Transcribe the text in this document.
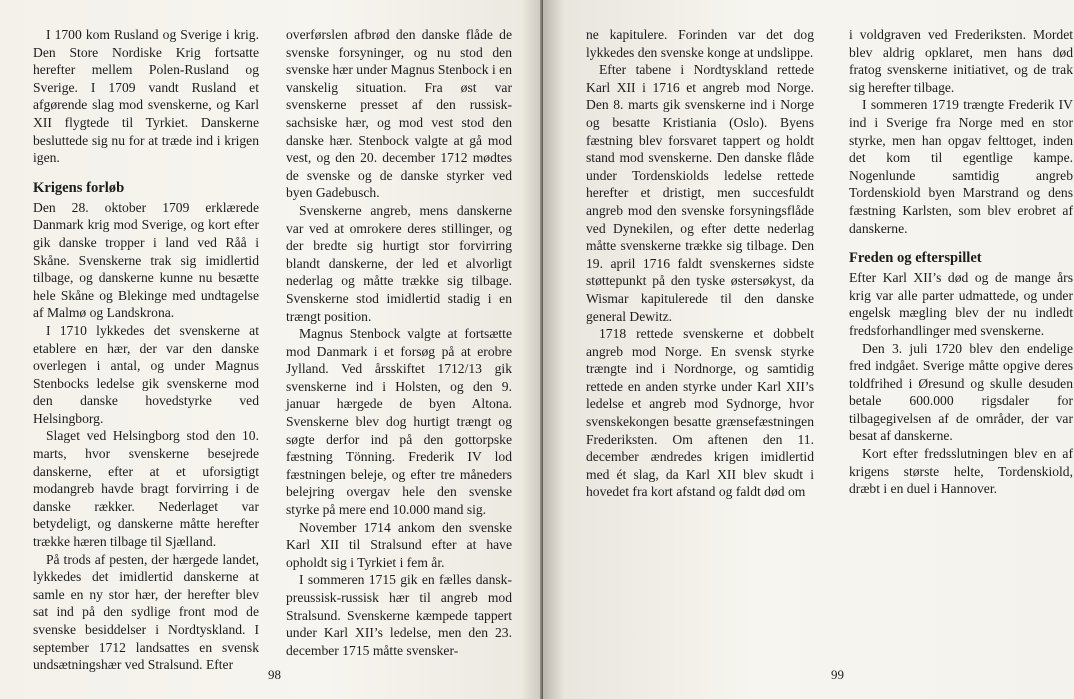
I 1700 kom Rusland og Sverige i krig. Den Store Nordiske Krig fortsatte herefter mellem Polen-Rusland og Sverige. I 1709 vandt Rusland et afgørende slag mod svenskerne, og Karl XII flygtede til Tyrkiet. Danskerne besluttede sig nu for at træde ind i krigen igen.

Krigens forløb

Den 28. oktober 1709 erklærede Danmark krig mod Sverige, og kort efter gik danske tropper i land ved Råå i Skåne. Svenskerne trak sig imidlertid tilbage, og danskerne kunne nu besætte hele Skåne og Blekinge med undtagelse af Malmø og Landskrona.

I 1710 lykkedes det svenskerne at etablere en hær, der var den danske overlegen i antal, og under Magnus Stenbocks ledelse gik svenskerne mod den danske hovedstyrke ved Helsingborg.

Slaget ved Helsingborg stod den 10. marts, hvor svenskerne besejrede danskerne, efter at et uforsigtigt modangreb havde bragt forvirring i de danske rækker. Nederlaget var betydeligt, og danskerne måtte herefter trække hæren tilbage til Sjælland.

På trods af pesten, der hærgede landet, lykkedes det imidlertid danskerne at samle en ny stor hær, der herefter blev sat ind på den sydlige front mod de svenske besiddelser i Nordtyskland. I september 1712 landsattes en svensk undsætningshær ved Stralsund. Efter

overførslen afbrød den danske flåde de svenske forsyninger, og nu stod den svenske hær under Magnus Stenbock i en vanskelig situation. Fra øst var svenskerne presset af den russisk-sachsiske hær, og mod vest stod den danske hær. Stenbock valgte at gå mod vest, og den 20. december 1712 mødtes de svenske og de danske styrker ved byen Gadebusch.

Svenskerne angreb, mens danskerne var ved at omrokere deres stillinger, og der bredte sig hurtigt stor forvirring blandt danskerne, der led et alvorligt nederlag og måtte trække sig tilbage. Svenskerne stod imidlertid stadig i en trængt position.

Magnus Stenbock valgte at fortsætte mod Danmark i et forsøg på at erobre Jylland. Ved årsskiftet 1712/13 gik svenskerne ind i Holsten, og den 9. januar hærgede de byen Altona. Svenskerne blev dog hurtigt trængt og søgte derfor ind på den gottorpske fæstning Tönning. Frederik IV lod fæstningen beleje, og efter tre måneders belejring overgav hele den svenske styrke på mere end 10.000 mand sig.

November 1714 ankom den svenske Karl XII til Stralsund efter at have opholdt sig i Tyrkiet i fem år.

I sommeren 1715 gik en fælles dansk-preussisk-russisk hær til angreb mod Stralsund. Svenskerne kæmpede tappert under Karl XII’s ledelse, men den 23. december 1715 måtte svensker-

98

ne kapitulere. Forinden var det dog lykkedes den svenske konge at undslippe.

Efter tabene i Nordtyskland rettede Karl XII i 1716 et angreb mod Norge. Den 8. marts gik svenskerne ind i Norge og besatte Kristiania (Oslo). Byens fæstning blev forsvaret tappert og holdt stand mod svenskerne. Den danske flåde under Tordenskiolds ledelse rettede herefter et dristigt, men succesfuldt angreb mod den svenske forsyningsflåde ved Dynekilen, og efter dette nederlag måtte svenskerne trække sig tilbage. Den 19. april 1716 faldt svenskernes sidste støttepunkt på den tyske østersøkyst, da Wismar kapitulerede til den danske general Dewitz.

1718 rettede svenskerne et dobbelt angreb mod Norge. En svensk styrke trængte ind i Nordnorge, og samtidig rettede en anden styrke under Karl XII’s ledelse et angreb mod Sydnorge, hvor svenskekongen besatte grænsefæstningen Frederiksten. Om aftenen den 11. december ændredes krigen imidlertid med ét slag, da Karl XII blev skudt i hovedet fra kort afstand og faldt død om

i voldgraven ved Frederiksten. Mordet blev aldrig opklaret, men hans død fratog svenskerne initiativet, og de trak sig herefter tilbage.

I sommeren 1719 trængte Frederik IV ind i Sverige fra Norge med en stor styrke, men han opgav felttoget, inden det kom til egentlige kampe. Nogenlunde samtidig angreb Tordenskiold byen Marstrand og dens fæstning Karlsten, som blev erobret af danskerne.

Freden og efterspillet

Efter Karl XII’s død og de mange års krig var alle parter udmattede, og under engelsk mægling blev der nu indledt fredsforhandlinger med svenskerne.

Den 3. juli 1720 blev den endelige fred indgået. Sverige måtte opgive deres toldfrihed i Øresund og skulle desuden betale 600.000 rigsdaler for tilbagegivelsen af de områder, der var besat af danskerne.

Kort efter fredsslutningen blev en af krigens største helte, Tordenskiold, dræbt i en duel i Hannover.

99
